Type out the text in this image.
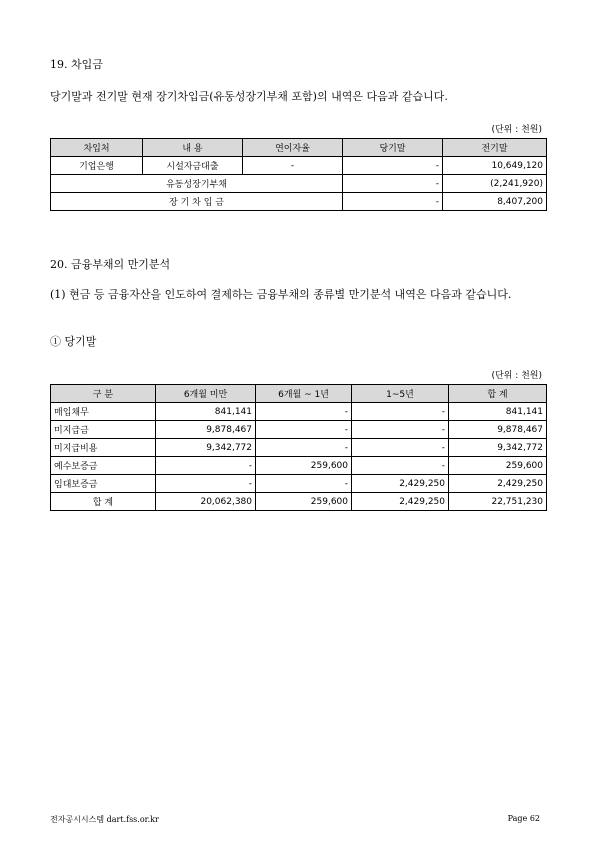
19. 차입금
당기말과 전기말 현재 장기차입금(유동성장기부채 포함)의 내역은 다음과 같습니다.
(단위 : 천원)
차입처	내 용	연이자율	당기말	전기말
기업은행	시설자금대출	-	-	10,649,120
유동성장기부채			-	(2,241,920)
장 기 차 입 금			-	8,407,200
20. 금융부채의 만기분석
(1) 현금 등 금융자산을 인도하여 결제하는 금융부채의 종류별 만기분석 내역은 다음과 같습니다.
① 당기말
(단위 : 천원)
구 분	6개월 미만	6개월 ~ 1년	1~5년	합 계
매입채무	841,141	-	-	841,141
미지급금	9,878,467	-	-	9,878,467
미지급비용	9,342,772	-	-	9,342,772
예수보증금	-	259,600	-	259,600
임대보증금	-	-	2,429,250	2,429,250
합 계	20,062,380	259,600	2,429,250	22,751,230
전자공시시스템 dart.fss.or.kr	Page 62
